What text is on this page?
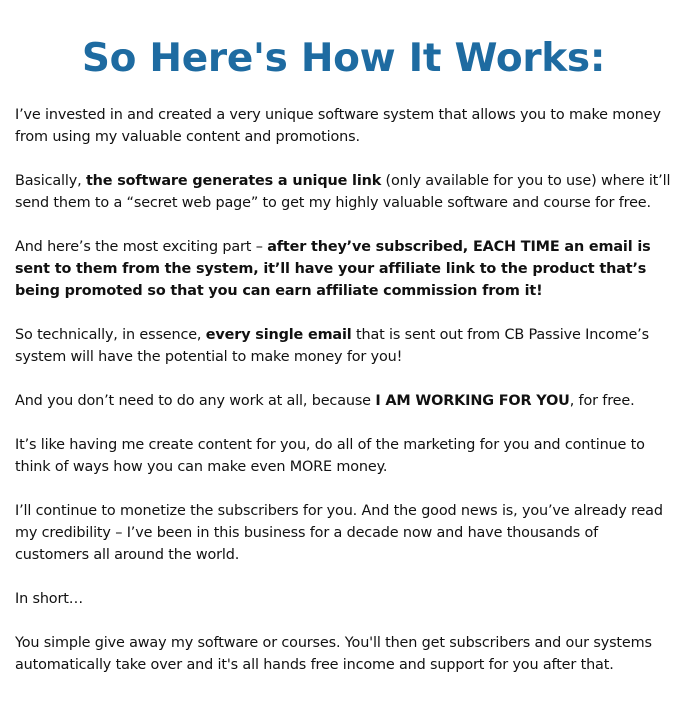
So Here's How It Works:

I’ve invested in and created a very unique software system that allows you to make money from using my valuable content and promotions.

Basically, the software generates a unique link (only available for you to use) where it’ll send them to a “secret web page” to get my highly valuable software and course for free.

And here’s the most exciting part – after they’ve subscribed, EACH TIME an email is sent to them from the system, it’ll have your affiliate link to the product that’s being promoted so that you can earn affiliate commission from it!

So technically, in essence, every single email that is sent out from CB Passive Income’s system will have the potential to make money for you!

And you don’t need to do any work at all, because I AM WORKING FOR YOU, for free.

It’s like having me create content for you, do all of the marketing for you and continue to think of ways how you can make even MORE money.

I’ll continue to monetize the subscribers for you. And the good news is, you’ve already read my credibility – I’ve been in this business for a decade now and have thousands of customers all around the world.

In short…

You simple give away my software or courses. You'll then get subscribers and our systems automatically take over and it's all hands free income and support for you after that.
